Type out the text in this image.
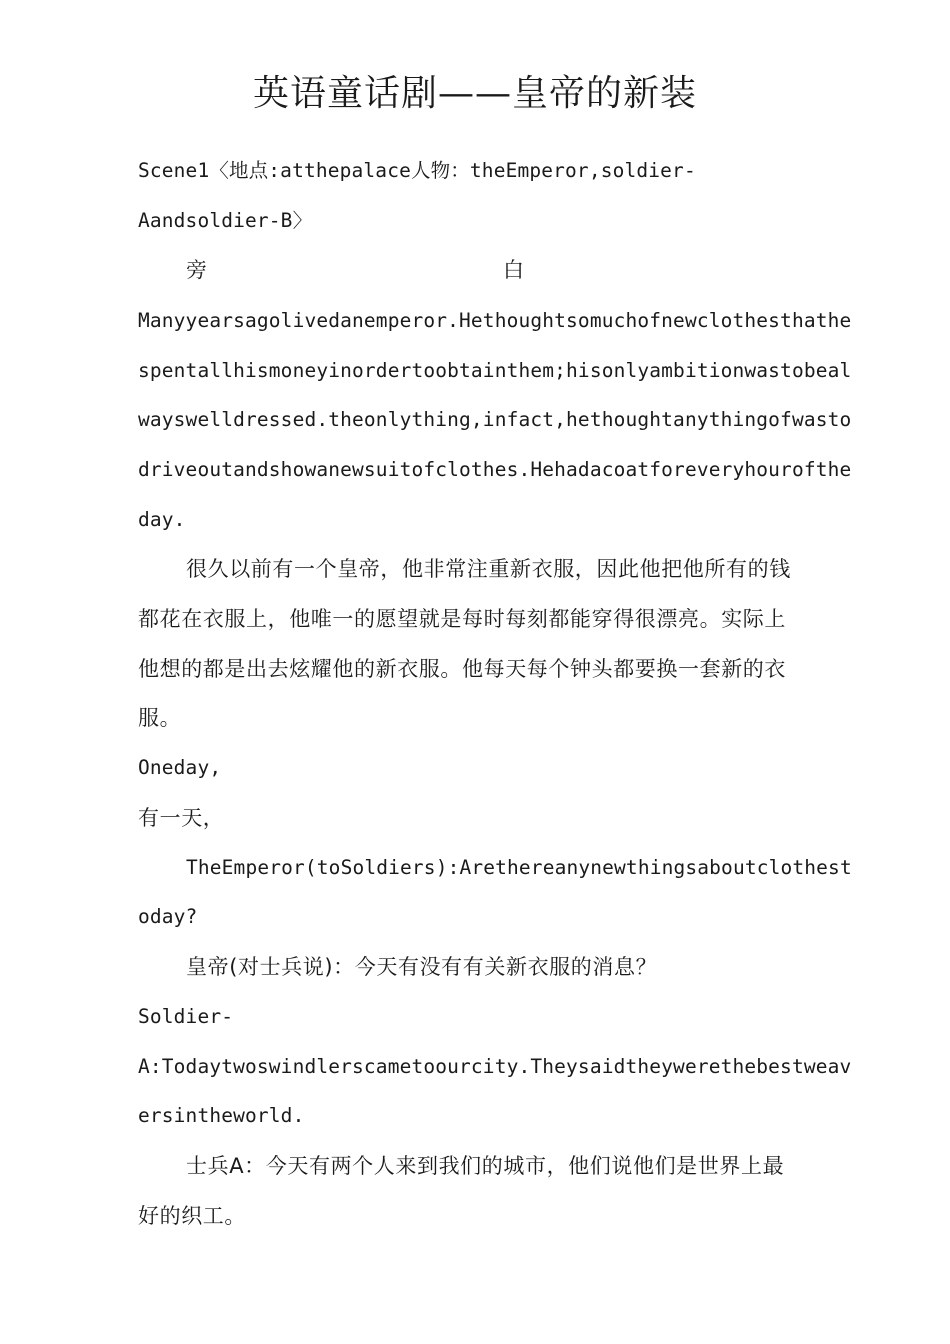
英语童话剧——皇帝的新装
Scene1〈地点:atthepalace人物：theEmperor,soldier-
Aandsoldier-B〉
旁	白
Manyyearsagolivedanemperor.Hethoughtsomuchofnewclothesthathe
spentallhismoneyinordertoobtainthem;hisonlyambitionwastobeal
wayswelldressed.theonlything,infact,hethoughtanythingofwasto
driveoutandshowanewsuitofclothes.Hehadacoatforeveryhourofthe
day.
很久以前有一个皇帝，他非常注重新衣服，因此他把他所有的钱
都花在衣服上，他唯一的愿望就是每时每刻都能穿得很漂亮。实际上
他想的都是出去炫耀他的新衣服。他每天每个钟头都要换一套新的衣
服。
Oneday,
有一天，
TheEmperor(toSoldiers):Arethereanynewthingsaboutclothest
oday?
皇帝(对士兵说)：今天有没有有关新衣服的消息？
Soldier-
A:Todaytwoswindlerscametoourcity.Theysaidtheywerethebestweav
ersintheworld.
士兵A：今天有两个人来到我们的城市，他们说他们是世界上最
好的织工。
